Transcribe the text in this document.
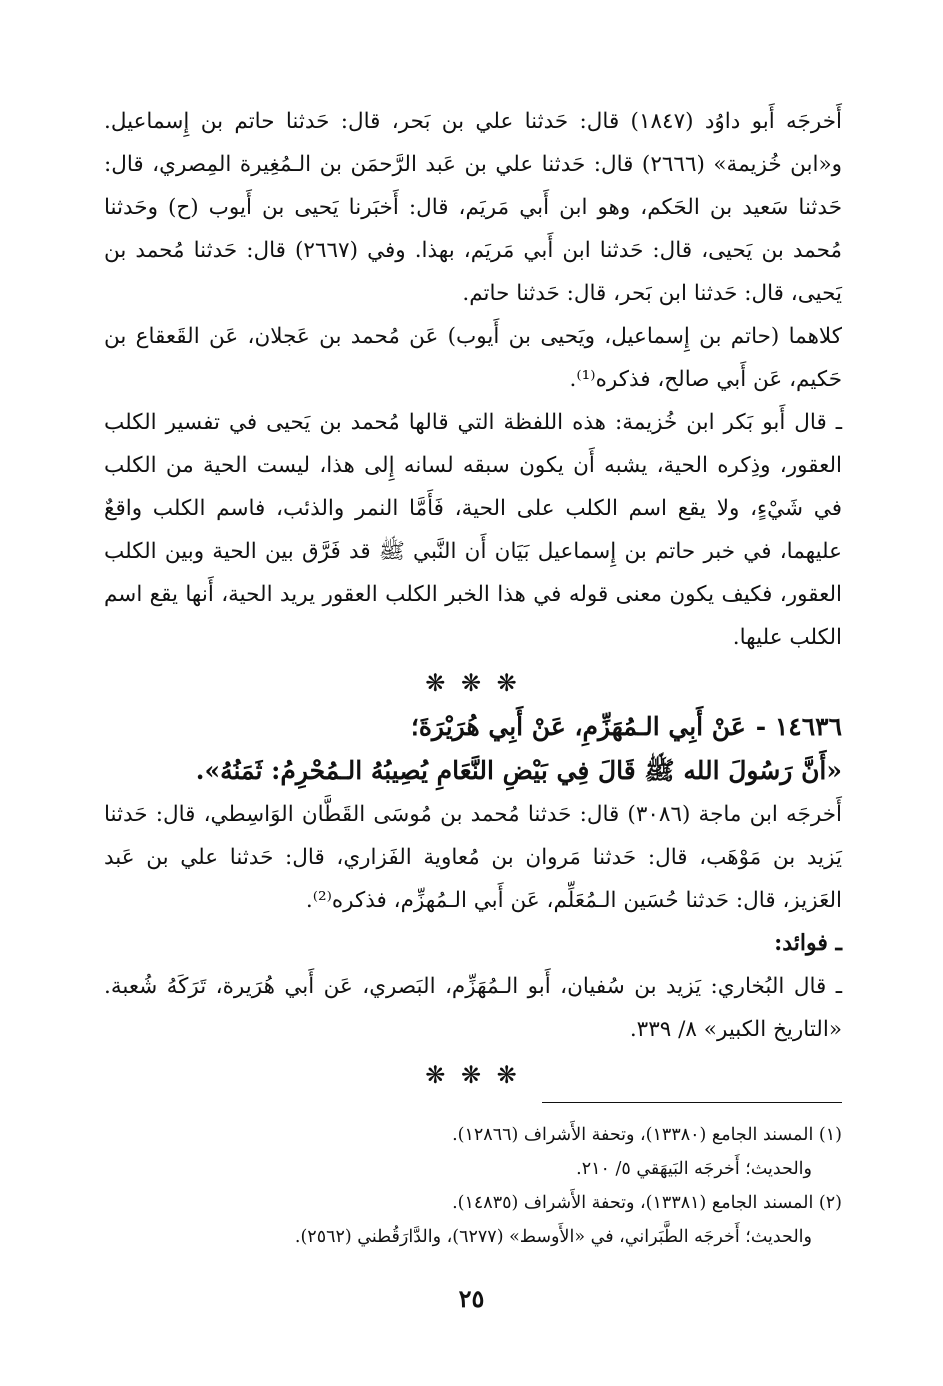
أَخرجَه أَبو داوُد (١٨٤٧) قال: حَدثنا علي بن بَحر، قال: حَدثنا حاتم بن إِسماعيل. و«ابن خُزيمة» (٢٦٦٦) قال: حَدثنا علي بن عَبد الرَّحمَن بن الـمُغِيرة المِصري، قال: حَدثنا سَعيد بن الحَكم، وهو ابن أَبي مَريَم، قال: أَخبَرنا يَحيى بن أَيوب (ح) وحَدثنا مُحمد بن يَحيى، قال: حَدثنا ابن أَبي مَريَم، بهذا. وفي (٢٦٦٧) قال: حَدثنا مُحمد بن يَحيى، قال: حَدثنا ابن بَحر، قال: حَدثنا حاتم.

كلاهما (حاتم بن إِسماعيل، ويَحيى بن أَيوب) عَن مُحمد بن عَجلان، عَن القَعقاع بن حَكيم، عَن أَبي صالح، فذكره⁽¹⁾.

ـ قال أَبو بَكر ابن خُزيمة: هذه اللفظة التي قالها مُحمد بن يَحيى في تفسير الكلب العقور، وذِكره الحية، يشبه أَن يكون سبقه لسانه إِلى هذا، ليست الحية من الكلب في شَيْءٍ، ولا يقع اسم الكلب على الحية، فَأَمَّا النمر والذئب، فاسم الكلب واقعٌ عليهما، في خبر حاتم بن إِسماعيل بَيَان أَن النَّبي ﷺ قد فَرَّق بين الحية وبين الكلب العقور، فكيف يكون معنى قوله في هذا الخبر الكلب العقور يريد الحية، أَنها يقع اسم الكلب عليها.

❋ ❋ ❋

١٤٦٣٦ -عَنْ أَبِي الـمُهَزِّمِ، عَنْ أَبِي هُرَيْرَةَ؛

«أَنَّ رَسُولَ الله ﷺ قَالَ فِي بَيْضِ النَّعَامِ يُصِيبُهُ الـمُحْرِمُ: ثَمَنُهُ».

أَخرجَه ابن ماجة (٣٠٨٦) قال: حَدثنا مُحمد بن مُوسَى القَطَّان الوَاسِطي، قال: حَدثنا يَزيد بن مَوْهَب، قال: حَدثنا مَروان بن مُعاوية الفَزاري، قال: حَدثنا علي بن عَبد العَزيز، قال: حَدثنا حُسَين الـمُعَلِّم، عَن أَبي الـمُهزِّم، فذكره⁽²⁾.

ـ فوائد:

ـ قال البُخاري: يَزيد بن سُفيان، أَبو الـمُهَزِّم، البَصري، عَن أَبي هُرَيرة، تَرَكَهُ شُعبة. «التاريخ الكبير» ٨/ ٣٣٩.

❋ ❋ ❋

(١) المسند الجامع (١٣٣٨٠)، وتحفة الأَشراف (١٢٨٦٦).

والحديث؛ أَخرجَه البَيهَقي ٥/ ٢١٠.

(٢) المسند الجامع (١٣٣٨١)، وتحفة الأَشراف (١٤٨٣٥).

والحديث؛ أَخرجَه الطَّبَراني، في «الأَوسط» (٦٢٧٧)، والدَّارَقُطني (٢٥٦٢).

٢٥
